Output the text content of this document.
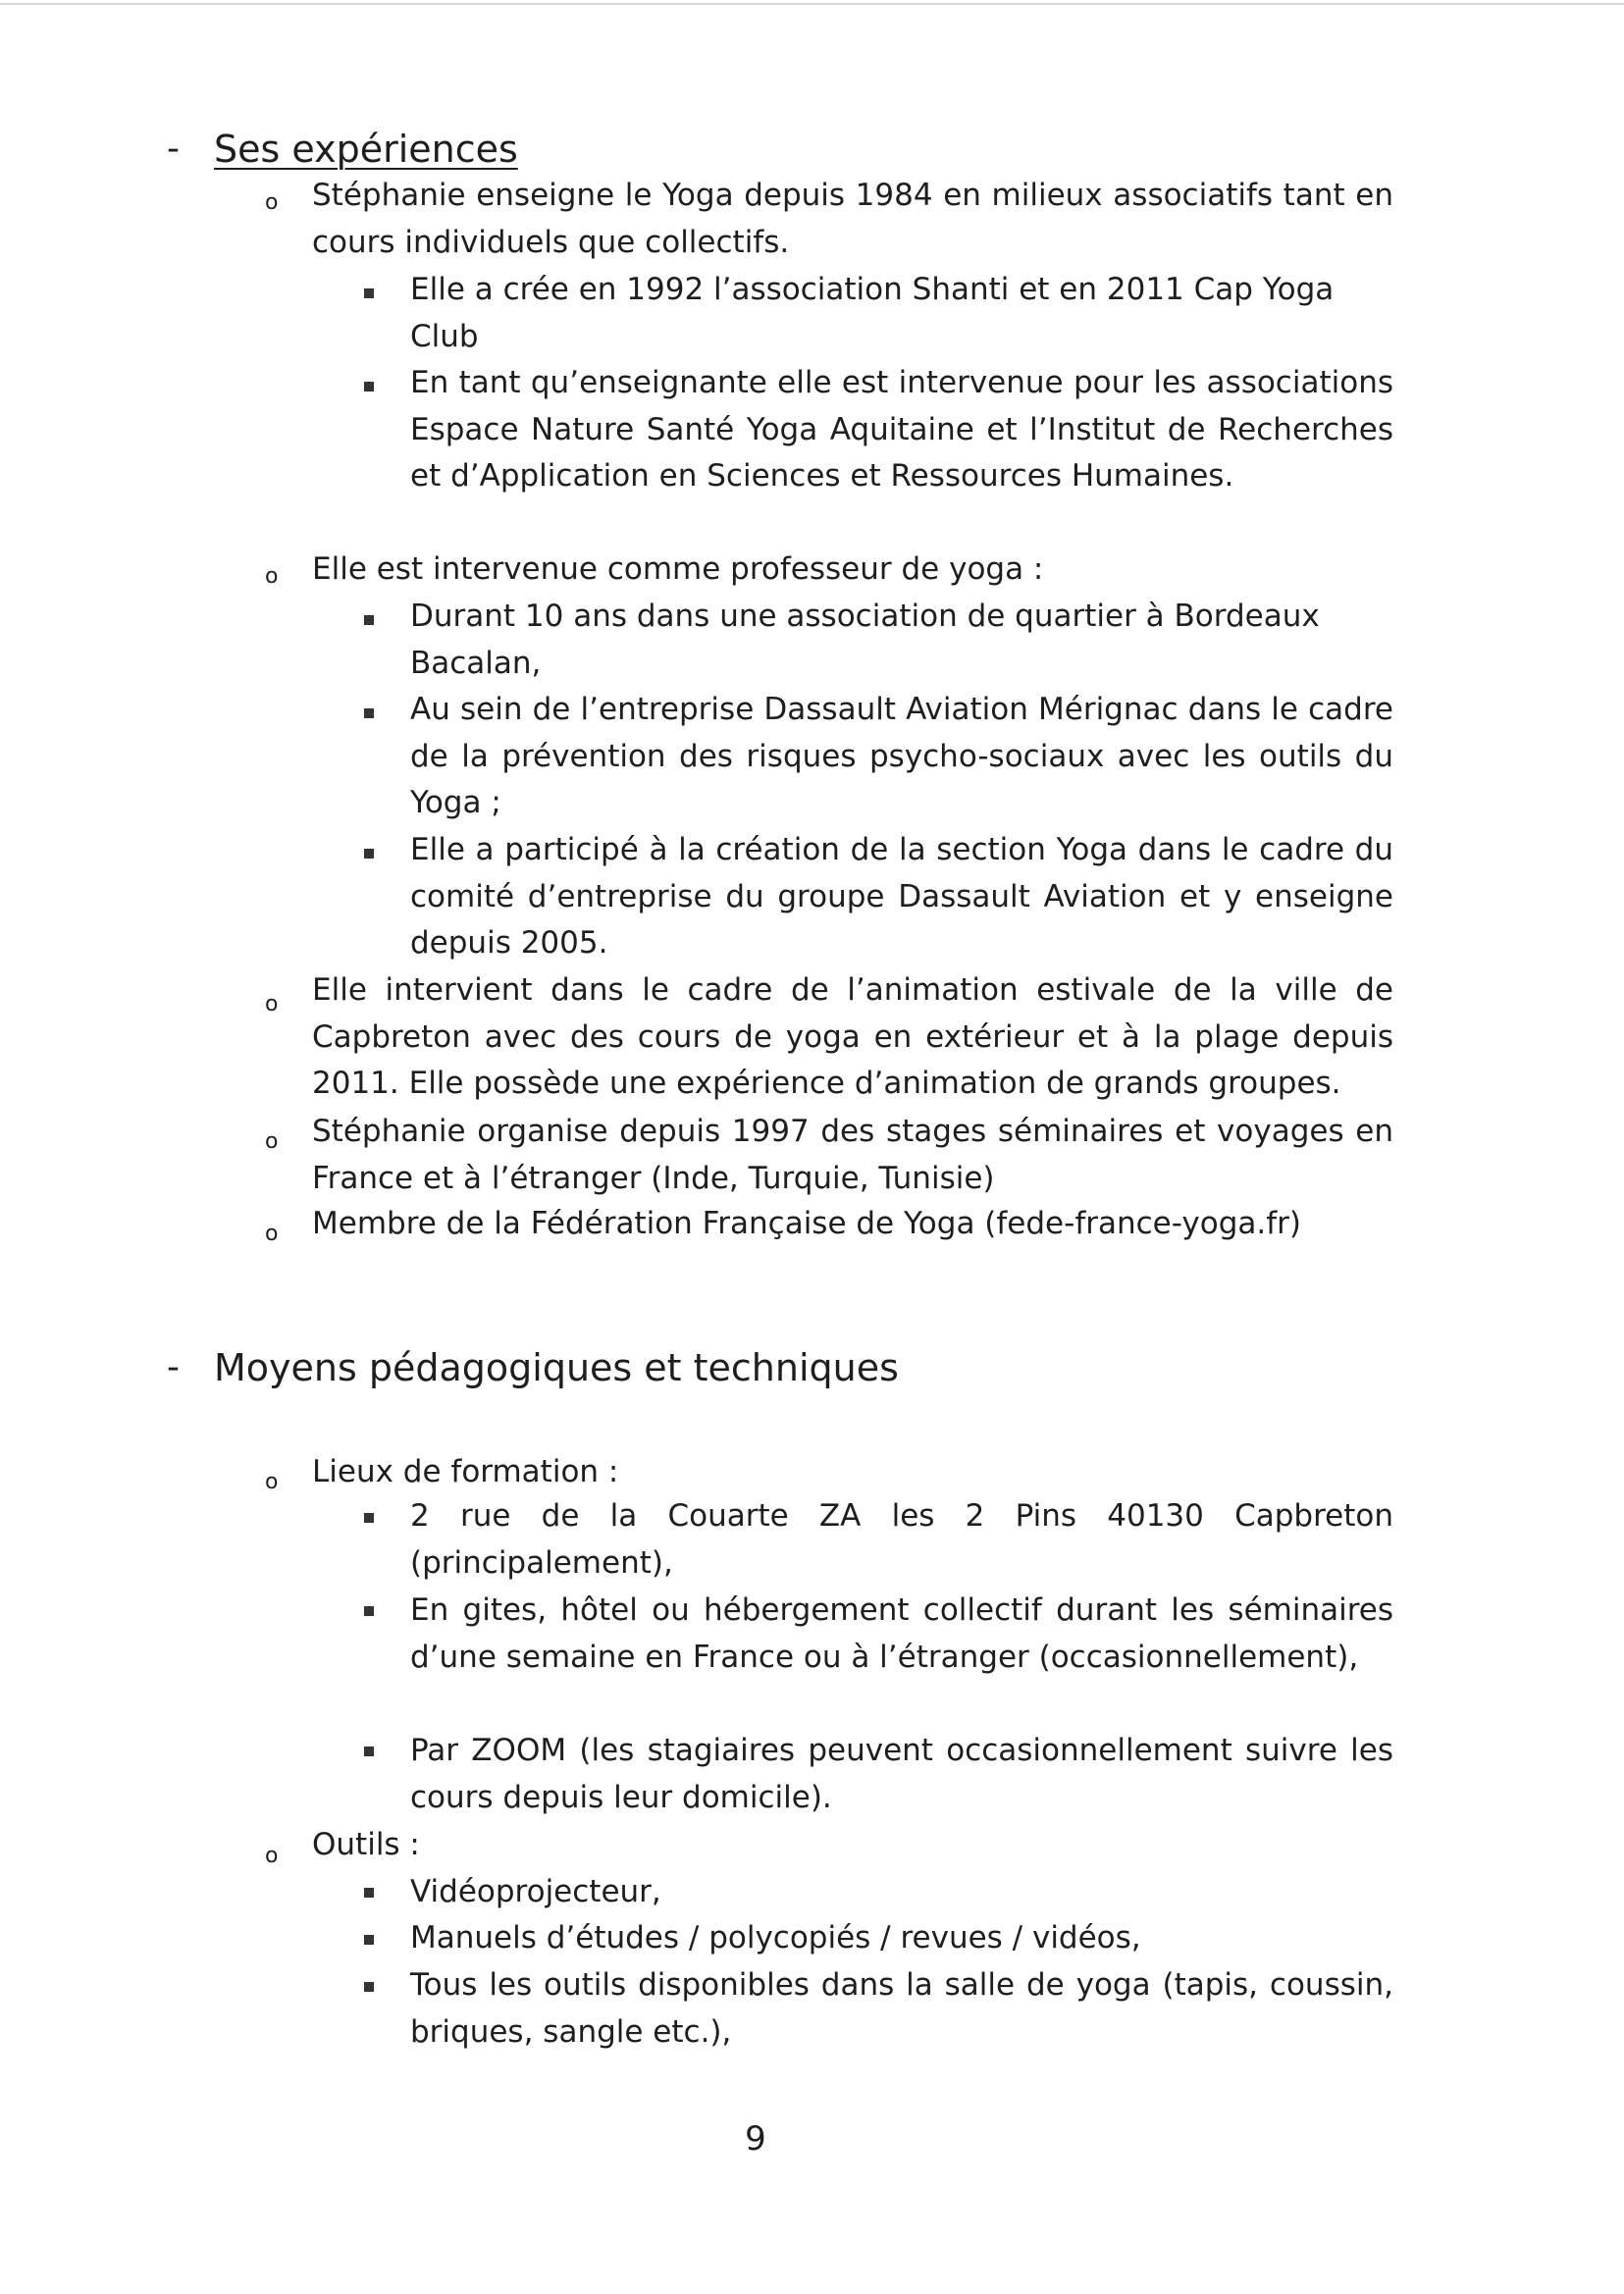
- Ses expériences
o Stéphanie enseigne le Yoga depuis 1984 en milieux associatifs tant en cours individuels que collectifs.
Elle a crée en 1992 l’association Shanti et en 2011 Cap Yoga Club
En tant qu’enseignante elle est intervenue pour les associations Espace Nature Santé Yoga Aquitaine et l’Institut de Recherches et d’Application en Sciences et Ressources Humaines.
o Elle est intervenue comme professeur de yoga :
Durant 10 ans dans une association de quartier à Bordeaux Bacalan,
Au sein de l’entreprise Dassault Aviation Mérignac dans le cadre de la prévention des risques psycho-sociaux avec les outils du Yoga ;
Elle a participé à la création de la section Yoga dans le cadre du comité d’entreprise du groupe Dassault Aviation et y enseigne depuis 2005.
o Elle intervient dans le cadre de l’animation estivale de la ville de Capbreton avec des cours de yoga en extérieur et à la plage depuis 2011. Elle possède une expérience d’animation de grands groupes.
o Stéphanie organise depuis 1997 des stages séminaires et voyages en France et à l’étranger (Inde, Turquie, Tunisie)
o Membre de la Fédération Française de Yoga (fede-france-yoga.fr)
- Moyens pédagogiques et techniques
o Lieux de formation :
2 rue de la Couarte ZA les 2 Pins 40130 Capbreton (principalement),
En gites, hôtel ou hébergement collectif durant les séminaires d’une semaine en France ou à l’étranger (occasionnellement),
Par ZOOM (les stagiaires peuvent occasionnellement suivre les cours depuis leur domicile).
o Outils :
Vidéoprojecteur,
Manuels d’études / polycopiés / revues / vidéos,
Tous les outils disponibles dans la salle de yoga (tapis, coussin, briques, sangle etc.),
9
